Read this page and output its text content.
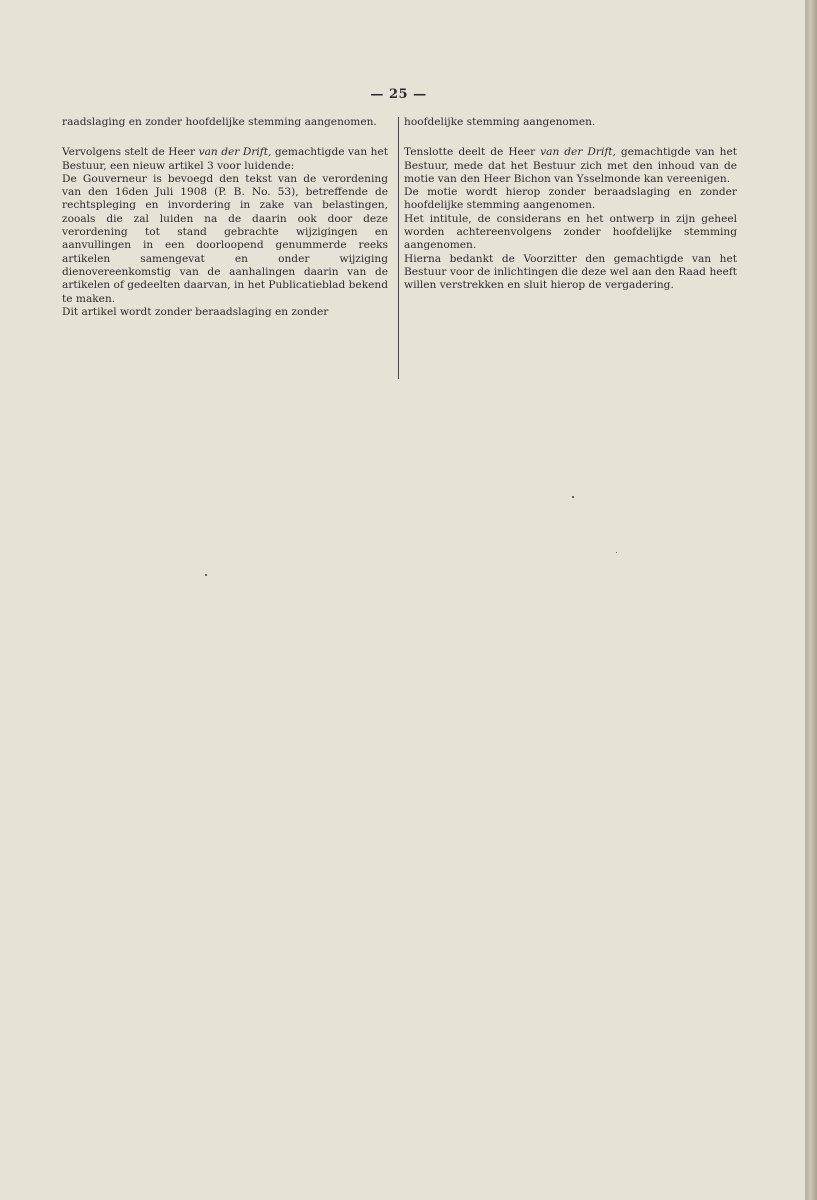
— 25 —

raadslaging en zonder hoofdelijke stemming aangenomen.

Vervolgens stelt de Heer van der Drift, gemachtigde van het Bestuur, een nieuw artikel 3 voor luidende:

De Gouverneur is bevoegd den tekst van de verordening van den 16den Juli 1908 (P. B. No. 53), betreffende de rechtspleging en invordering in zake van belastingen, zooals die zal luiden na de daarin ook door deze verordening tot stand gebrachte wijzigingen en aanvullingen in een doorloopend genummerde reeks artikelen samengevat en onder wijziging dienovereenkomstig van de aanhalingen daarin van de artikelen of gedeelten daarvan, in het Publicatieblad bekend te maken.

Dit artikel wordt zonder beraadslaging en zonder

hoofdelijke stemming aangenomen.

Tenslotte deelt de Heer van der Drift, gemachtigde van het Bestuur, mede dat het Bestuur zich met den inhoud van de motie van den Heer Bichon van Ysselmonde kan vereenigen.

De motie wordt hierop zonder beraadslaging en zonder hoofdelijke stemming aangenomen.

Het intitule, de considerans en het ontwerp in zijn geheel worden achtereenvolgens zonder hoofdelijke stemming aangenomen.

Hierna bedankt de Voorzitter den gemachtigde van het Bestuur voor de inlichtingen die deze wel aan den Raad heeft willen verstrekken en sluit hierop de vergadering.
